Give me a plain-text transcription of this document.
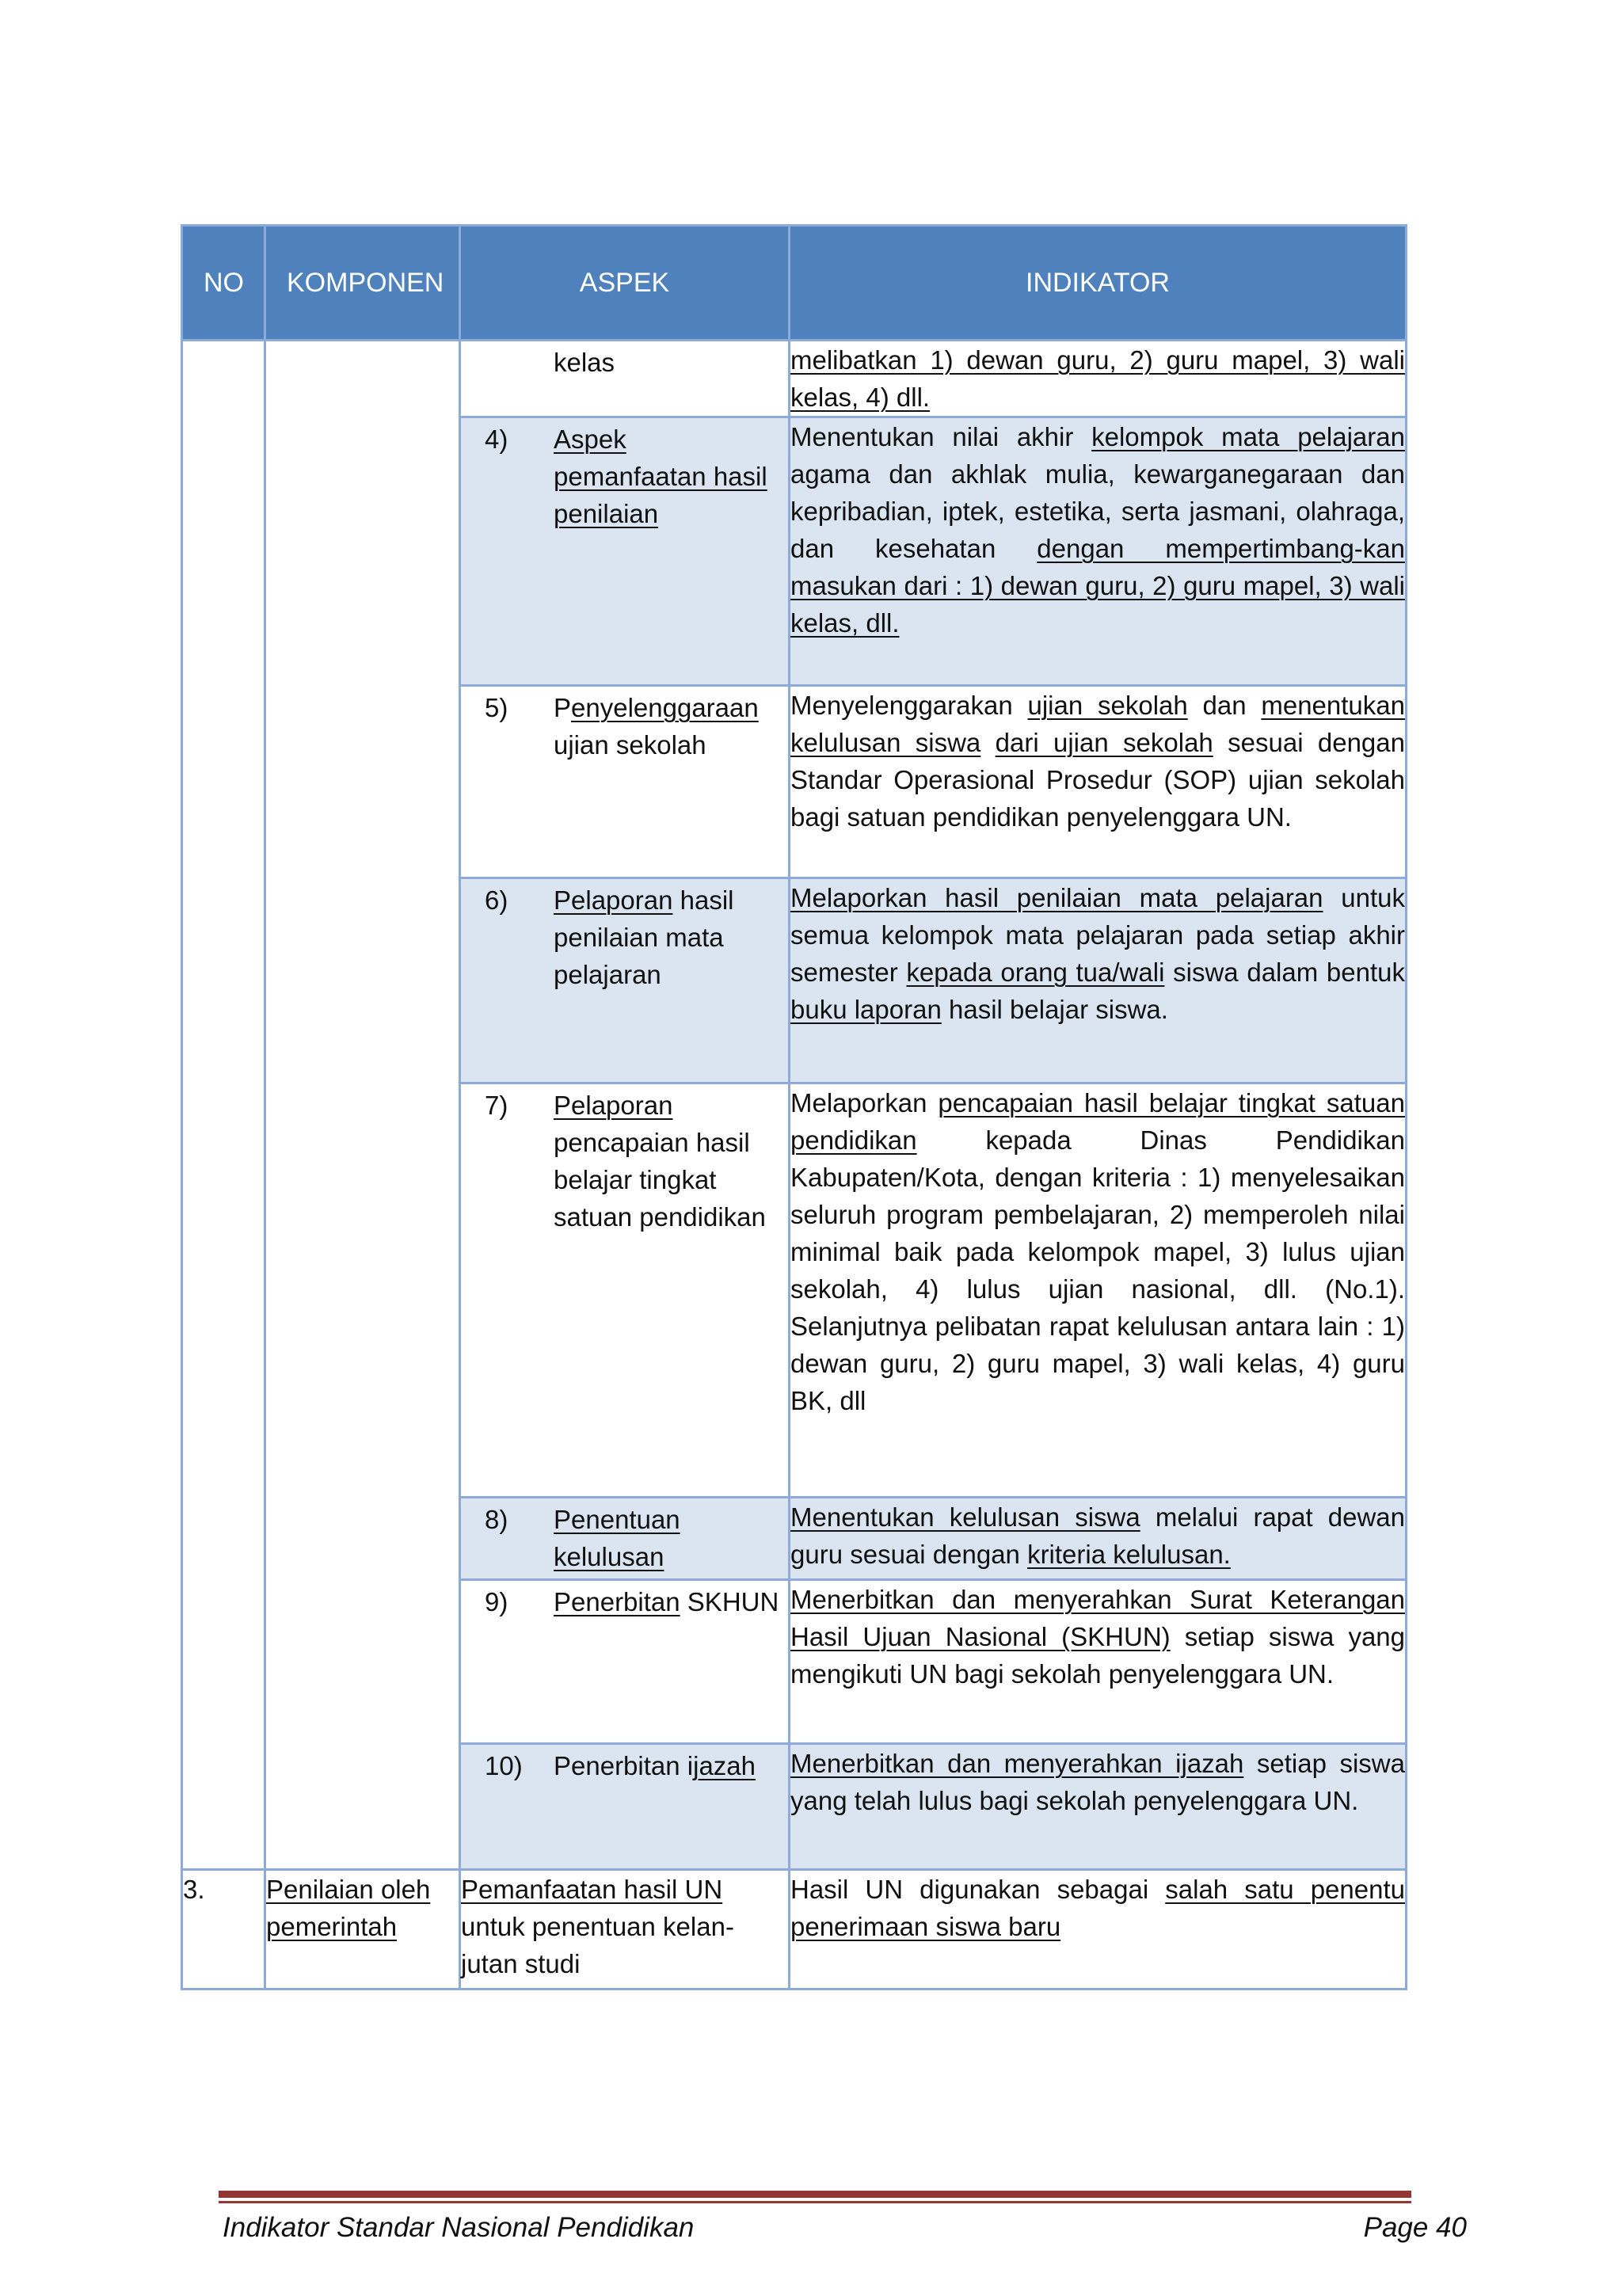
NO	KOMPONEN	ASPEK	INDIKATOR

		kelas	melibatkan 1) dewan guru, 2) guru mapel, 3) wali kelas, 4) dll.

		4) Aspek pemanfaatan hasil penilaian	Menentukan nilai akhir kelompok mata pelajaran agama dan akhlak mulia, kewarganegaraan dan kepribadian, iptek, estetika, serta jasmani, olahraga, dan kesehatan dengan mempertimbang-kan masukan dari : 1) dewan guru, 2) guru mapel, 3) wali kelas, dll.

		5) Penyelenggaraan ujian sekolah	Menyelenggarakan ujian sekolah dan menentukan kelulusan siswa dari ujian sekolah sesuai dengan Standar Operasional Prosedur (SOP) ujian sekolah bagi satuan pendidikan penyelenggara UN.

		6) Pelaporan hasil penilaian mata pelajaran	Melaporkan hasil penilaian mata pelajaran untuk semua kelompok mata pelajaran pada setiap akhir semester kepada orang tua/wali siswa dalam bentuk buku laporan hasil belajar siswa.

		7) Pelaporan pencapaian hasil belajar tingkat satuan pendidikan	Melaporkan pencapaian hasil belajar tingkat satuan pendidikan kepada Dinas Pendidikan Kabupaten/Kota, dengan kriteria : 1) menyelesaikan seluruh program pembelajaran, 2) memperoleh nilai minimal baik pada kelompok mapel, 3) lulus ujian sekolah, 4) lulus ujian nasional, dll. (No.1). Selanjutnya pelibatan rapat kelulusan antara lain : 1) dewan guru, 2) guru mapel, 3) wali kelas, 4) guru BK, dll

		8) Penentuan kelulusan	Menentukan kelulusan siswa melalui rapat dewan guru sesuai dengan kriteria kelulusan.

		9) Penerbitan SKHUN	Menerbitkan dan menyerahkan Surat Keterangan Hasil Ujuan Nasional (SKHUN) setiap siswa yang mengikuti UN bagi sekolah penyelenggara UN.

		10) Penerbitan ijazah	Menerbitkan dan menyerahkan ijazah setiap siswa yang telah lulus bagi sekolah penyelenggara UN.
3.	Penilaian oleh pemerintah	Pemanfaatan hasil UN untuk penentuan kelan-jutan studi	Hasil UN digunakan sebagai salah satu penentu penerimaan siswa baru
Indikator Standar Nasional Pendidikan	Page 40
